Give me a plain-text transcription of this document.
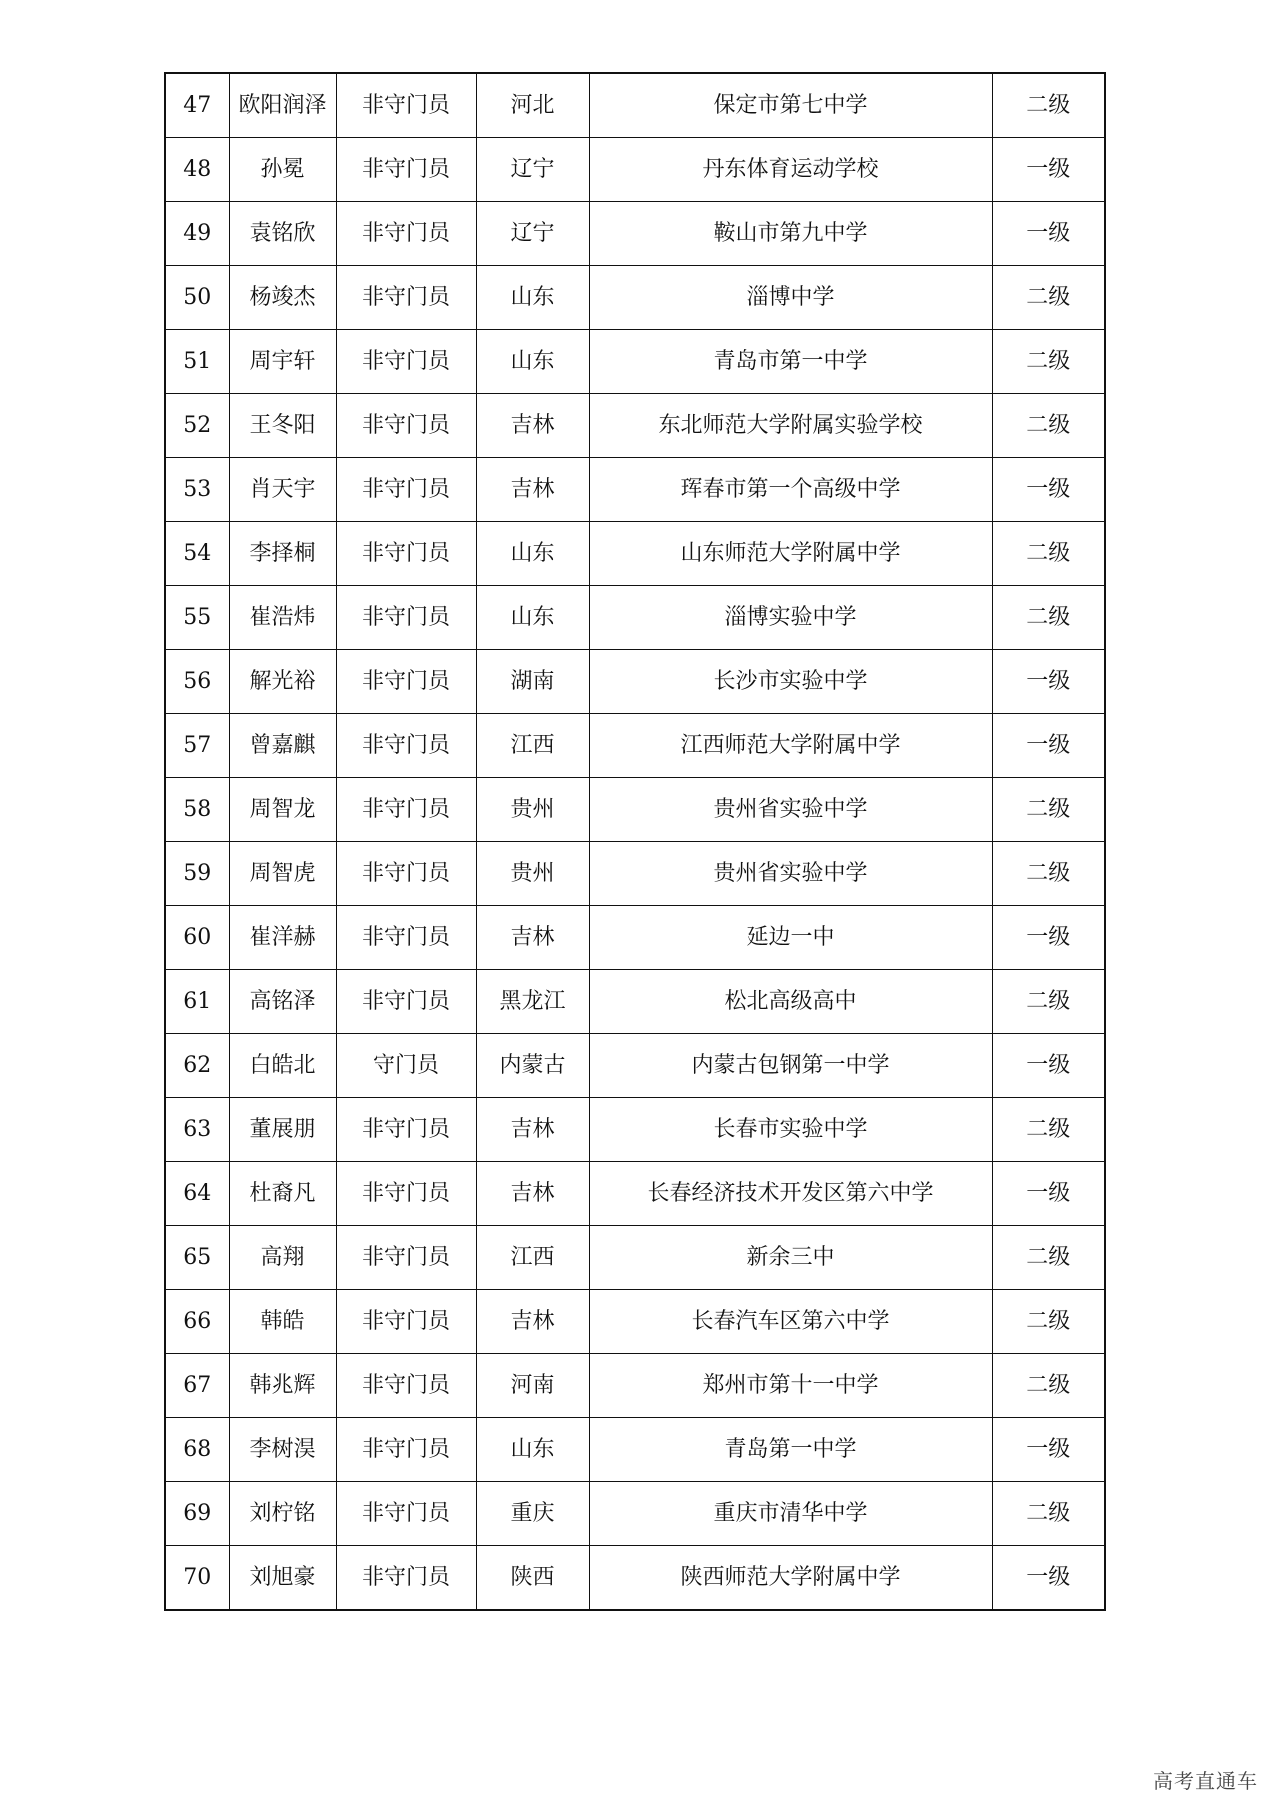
47	欧阳润泽	非守门员	河北	保定市第七中学	二级
48	孙冕	非守门员	辽宁	丹东体育运动学校	一级
49	袁铭欣	非守门员	辽宁	鞍山市第九中学	一级
50	杨竣杰	非守门员	山东	淄博中学	二级
51	周宇轩	非守门员	山东	青岛市第一中学	二级
52	王冬阳	非守门员	吉林	东北师范大学附属实验学校	二级
53	肖天宇	非守门员	吉林	珲春市第一个高级中学	一级
54	李择桐	非守门员	山东	山东师范大学附属中学	二级
55	崔浩炜	非守门员	山东	淄博实验中学	二级
56	解光裕	非守门员	湖南	长沙市实验中学	一级
57	曾嘉麒	非守门员	江西	江西师范大学附属中学	一级
58	周智龙	非守门员	贵州	贵州省实验中学	二级
59	周智虎	非守门员	贵州	贵州省实验中学	二级
60	崔洋赫	非守门员	吉林	延边一中	一级
61	高铭泽	非守门员	黑龙江	松北高级高中	二级
62	白皓北	守门员	内蒙古	内蒙古包钢第一中学	一级
63	董展朋	非守门员	吉林	长春市实验中学	二级
64	杜裔凡	非守门员	吉林	长春经济技术开发区第六中学	一级
65	高翔	非守门员	江西	新余三中	二级
66	韩皓	非守门员	吉林	长春汽车区第六中学	二级
67	韩兆辉	非守门员	河南	郑州市第十一中学	二级
68	李树淏	非守门员	山东	青岛第一中学	一级
69	刘柠铭	非守门员	重庆	重庆市清华中学	二级
70	刘旭豪	非守门员	陕西	陕西师范大学附属中学	一级
高考直通车
